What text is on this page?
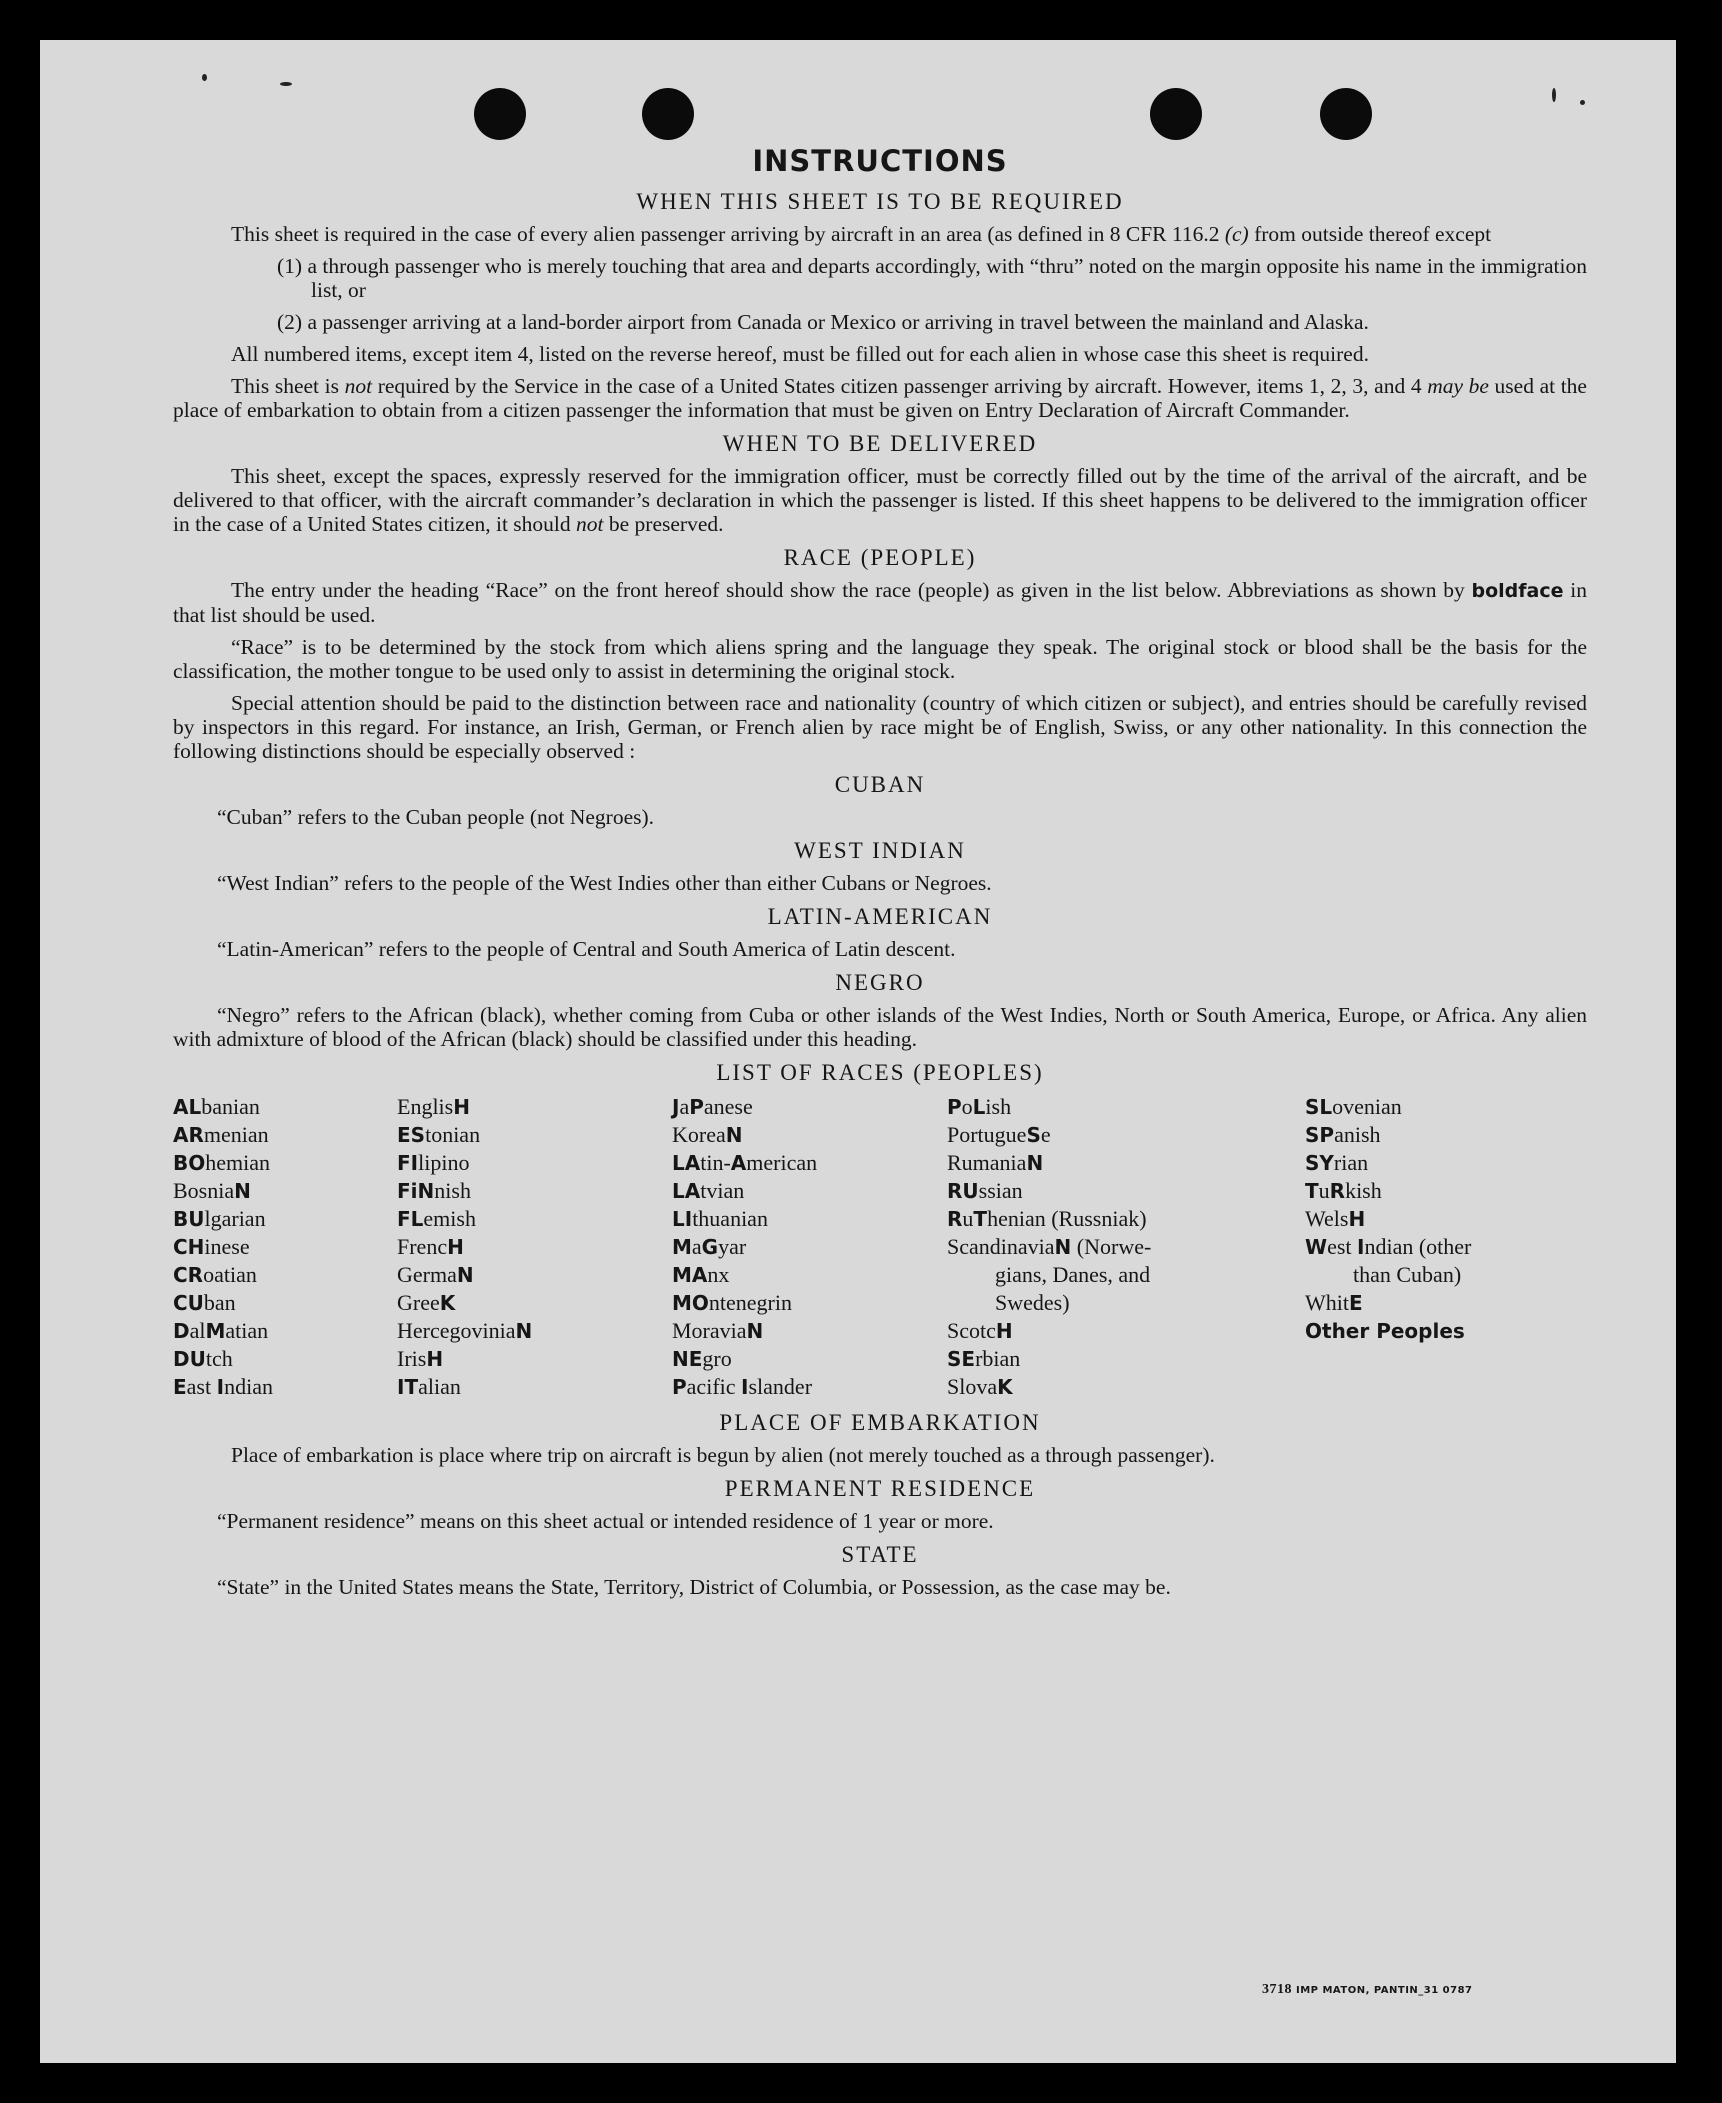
INSTRUCTIONS
WHEN THIS SHEET IS TO BE REQUIRED
This sheet is required in the case of every alien passenger arriving by aircraft in an area (as defined in 8 CFR 116.2 (c) from outside thereof except
(1) a through passenger who is merely touching that area and departs accordingly, with “thru” noted on the margin opposite his name in the immigration list, or
(2) a passenger arriving at a land-border airport from Canada or Mexico or arriving in travel between the mainland and Alaska.
All numbered items, except item 4, listed on the reverse hereof, must be filled out for each alien in whose case this sheet is required.
This sheet is not required by the Service in the case of a United States citizen passenger arriving by aircraft. However, items 1, 2, 3, and 4 may be used at the place of embarkation to obtain from a citizen passenger the information that must be given on Entry Declaration of Aircraft Commander.
WHEN TO BE DELIVERED
This sheet, except the spaces, expressly reserved for the immigration officer, must be correctly filled out by the time of the arrival of the aircraft, and be delivered to that officer, with the aircraft commander’s declaration in which the passenger is listed. If this sheet happens to be delivered to the immigration officer in the case of a United States citizen, it should not be preserved.
RACE (PEOPLE)
The entry under the heading “Race” on the front hereof should show the race (people) as given in the list below. Abbreviations as shown by boldface in that list should be used.
“Race” is to be determined by the stock from which aliens spring and the language they speak. The original stock or blood shall be the basis for the classification, the mother tongue to be used only to assist in determining the original stock.
Special attention should be paid to the distinction between race and nationality (country of which citizen or subject), and entries should be carefully revised by inspectors in this regard. For instance, an Irish, German, or French alien by race might be of English, Swiss, or any other nationality. In this connection the following distinctions should be especially observed :
CUBAN
“Cuban” refers to the Cuban people (not Negroes).
WEST INDIAN
“West Indian” refers to the people of the West Indies other than either Cubans or Negroes.
LATIN-AMERICAN
“Latin-American” refers to the people of Central and South America of Latin descent.
NEGRO
“Negro” refers to the African (black), whether coming from Cuba or other islands of the West Indies, North or South America, Europe, or Africa. Any alien with admixture of blood of the African (black) should be classified under this heading.
LIST OF RACES (PEOPLES)
ALbanian
ARmenian
BOhemian
BosniaN
BUlgarian
CHinese
CRoatian
CUban
DalMatian
DUtch
East Indian
EnglisH
EStonian
FIlipino
FiNnish
FLemish
FrencH
GermaN
GreeK
HercegoviniaN
IrisH
ITalian
JaPanese
KoreaN
LAtin-American
LAtvian
LIthuanian
MaGyar
MAnx
MOntenegrin
MoraviaN
NEgro
Pacific Islander
PoLish
PortugueSe
RumaniaN
RUssian
RuThenian (Russniak)
ScandinaviaN (Norwe-
gians, Danes, and
Swedes)
ScotcH
SErbian
SlovaK
SLovenian
SPanish
SYrian
TuRkish
WelsH
West Indian (other
than Cuban)
WhitE
Other Peoples
PLACE OF EMBARKATION
Place of embarkation is place where trip on aircraft is begun by alien (not merely touched as a through passenger).
PERMANENT RESIDENCE
“Permanent residence” means on this sheet actual or intended residence of 1 year or more.
STATE
“State” in the United States means the State, Territory, District of Columbia, or Possession, as the case may be.
3718 IMP MATON, PANTIN_31 0787
